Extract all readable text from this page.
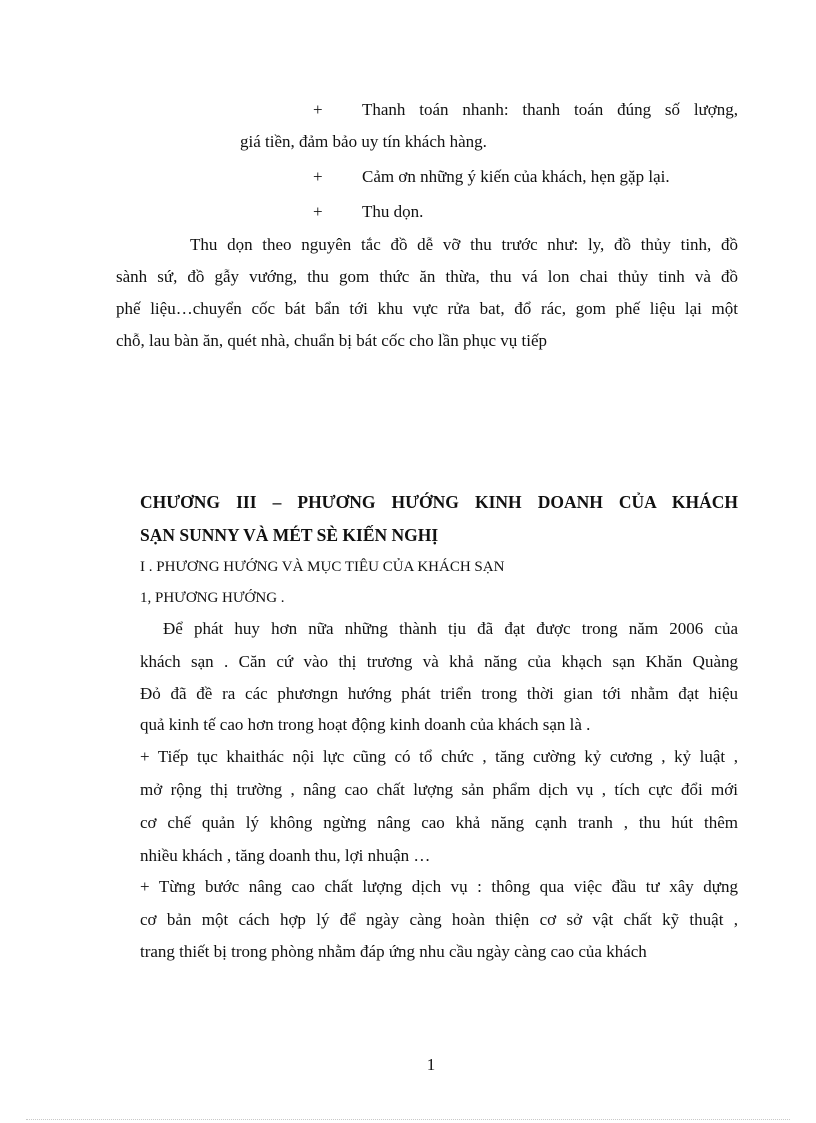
+ Thanh toán nhanh: thanh toán đúng số lượng,

giá tiền, đảm bảo uy tín khách hàng.

+ Cảm ơn những ý kiến của khách, hẹn gặp lại.

+ Thu dọn.

Thu dọn theo nguyên tắc đồ dễ vỡ thu trước như: ly, đồ thủy tinh, đồ

sành sứ, đồ gẫy vướng, thu gom thức ăn thừa, thu vá lon chai thủy tinh và đồ

phế liệu…chuyển cốc bát bẩn tới khu vực rửa bat, đổ rác, gom phế liệu lại một

chỗ, lau bàn ăn, quét nhà, chuẩn bị bát cốc cho lần phục vụ tiếp

CHƯƠNG III – PHƯƠNG HƯỚNG KINH DOANH CỦA KHÁCH

SẠN SUNNY VÀ MÉT SÈ KIẾN NGHỊ

I . PHƯƠNG HƯỚNG VÀ MỤC TIÊU CỦA KHÁCH SẠN

1, PHƯƠNG HƯỚNG .

Để phát huy hơn nữa những thành tịu đã đạt được trong năm 2006 của

khách sạn . Căn cứ vào thị trương và khả năng của khạch sạn Khăn Quàng

Đỏ đã đề ra các phươngn hướng phát triển trong thời gian tới nhằm đạt hiệu

quả kinh tế cao hơn trong hoạt động kinh doanh của khách sạn là .

+ Tiếp tục khaithác nội lực cũng có tổ chức , tăng cường kỷ cương , kỷ luật ,

mở rộng thị trường , nâng cao chất lượng sản phẩm dịch vụ , tích cực đổi mới

cơ chế quản lý không ngừng nâng cao khả năng cạnh tranh , thu hút thêm

nhiều khách , tăng doanh thu, lợi nhuận …

+ Từng bước nâng cao chất lượng dịch vụ : thông qua việc đầu tư xây dựng

cơ bản một cách hợp lý để ngày càng hoàn thiện cơ sở vật chất kỹ thuật ,

trang thiết bị trong phòng nhằm đáp ứng nhu cầu ngày càng cao của khách

1
